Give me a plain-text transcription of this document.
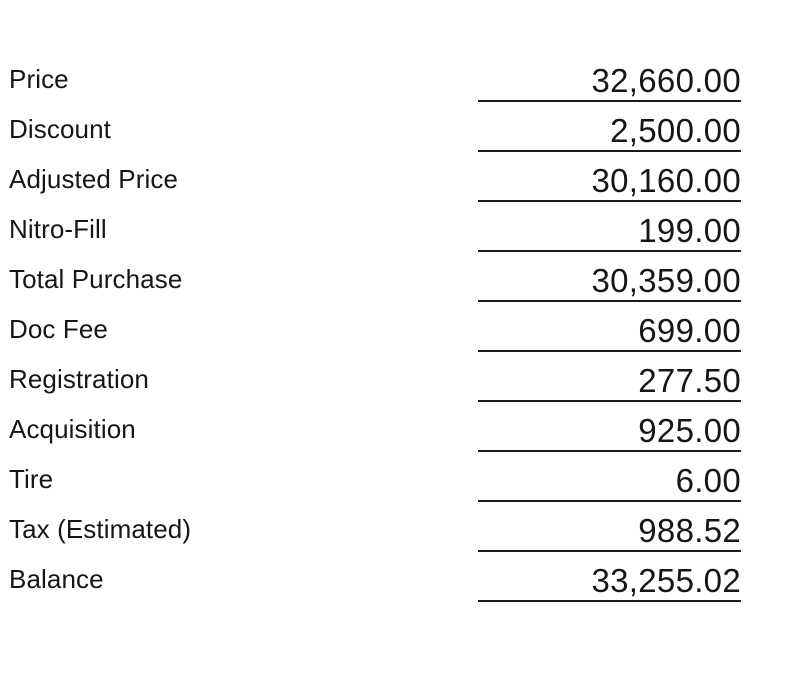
Price	32,660.00
Discount	2,500.00
Adjusted Price	30,160.00
Nitro-Fill	199.00
Total Purchase	30,359.00
Doc Fee	699.00
Registration	277.50
Acquisition	925.00
Tire	6.00
Tax (Estimated)	988.52
Balance	33,255.02
